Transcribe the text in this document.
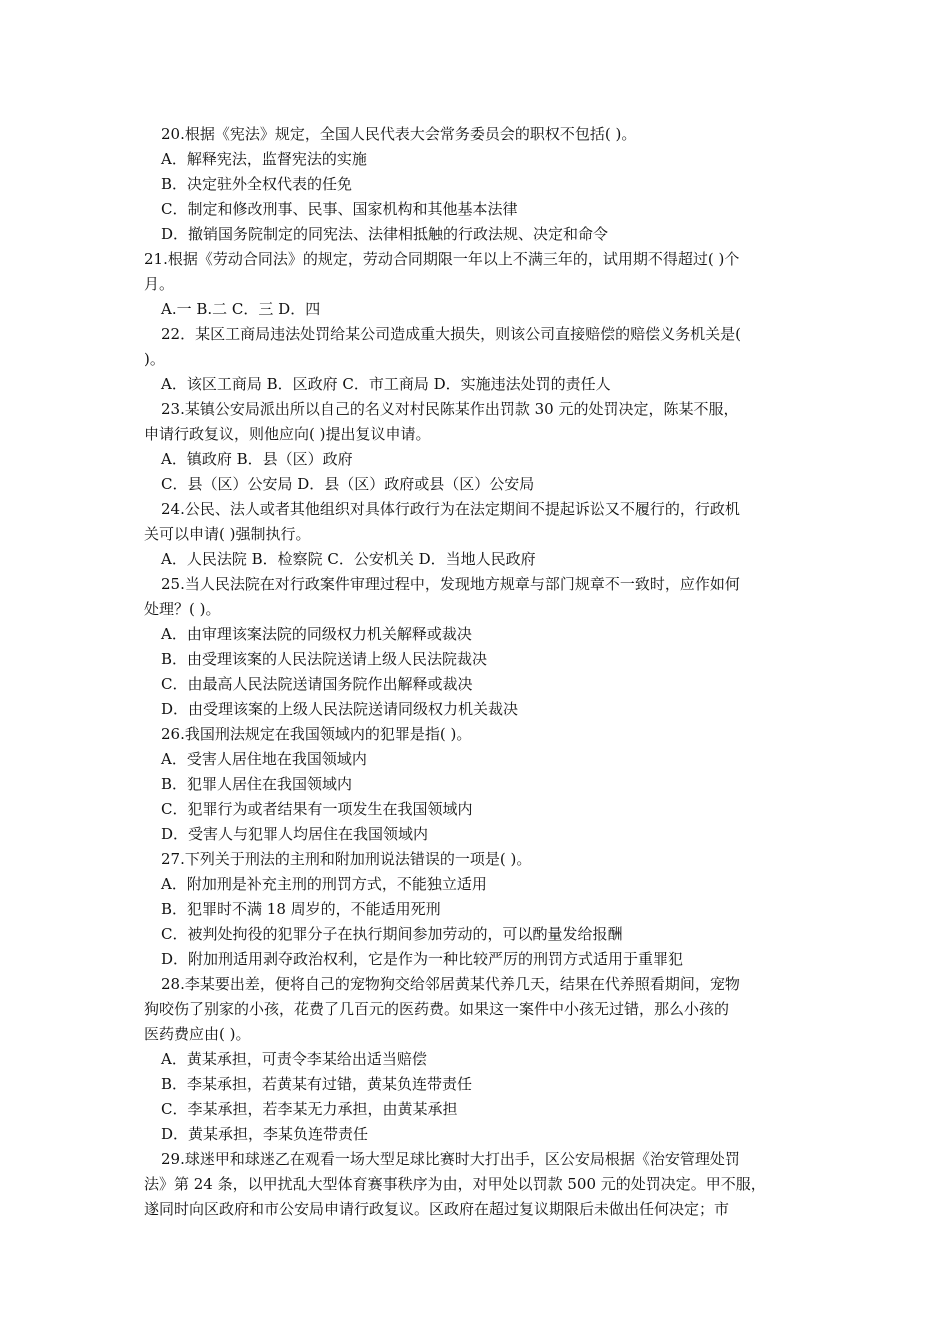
20.根据《宪法》规定，全国人民代表大会常务委员会的职权不包括( )。
A．解释宪法，监督宪法的实施
B．决定驻外全权代表的任免
C．制定和修改刑事、民事、国家机构和其他基本法律
D．撤销国务院制定的同宪法、法律相抵触的行政法规、决定和命令
21.根据《劳动合同法》的规定，劳动合同期限一年以上不满三年的，试用期不得超过( )个
月。
A.一 B.二 C．三 D．四
22．某区工商局违法处罚给某公司造成重大损失，则该公司直接赔偿的赔偿义务机关是(
)。
A．该区工商局 B．区政府 C．市工商局 D．实施违法处罚的责任人
23.某镇公安局派出所以自己的名义对村民陈某作出罚款 30 元的处罚决定，陈某不服，
申请行政复议，则他应向( )提出复议申请。
A．镇政府 B．县（区）政府
C．县（区）公安局 D．县（区）政府或县（区）公安局
24.公民、法人或者其他组织对具体行政行为在法定期间不提起诉讼又不履行的，行政机
关可以申请( )强制执行。
A．人民法院 B．检察院 C．公安机关 D．当地人民政府
25.当人民法院在对行政案件审理过程中，发现地方规章与部门规章不一致时，应作如何
处理？( )。
A．由审理该案法院的同级权力机关解释或裁决
B．由受理该案的人民法院送请上级人民法院裁决
C．由最高人民法院送请国务院作出解释或裁决
D．由受理该案的上级人民法院送请同级权力机关裁决
26.我国刑法规定在我国领域内的犯罪是指( )。
A．受害人居住地在我国领域内
B．犯罪人居住在我国领域内
C．犯罪行为或者结果有一项发生在我国领域内
D．受害人与犯罪人均居住在我国领域内
27.下列关于刑法的主刑和附加刑说法错误的一项是( )。
A．附加刑是补充主刑的刑罚方式，不能独立适用
B．犯罪时不满 18 周岁的，不能适用死刑
C．被判处拘役的犯罪分子在执行期间参加劳动的，可以酌量发给报酬
D．附加刑适用剥夺政治权利，它是作为一种比较严厉的刑罚方式适用于重罪犯
28.李某要出差，便将自己的宠物狗交给邻居黄某代养几天，结果在代养照看期间，宠物
狗咬伤了别家的小孩，花费了几百元的医药费。如果这一案件中小孩无过错，那么小孩的
医药费应由( )。
A．黄某承担，可责令李某给出适当赔偿
B．李某承担，若黄某有过错，黄某负连带责任
C．李某承担，若李某无力承担，由黄某承担
D．黄某承担，李某负连带责任
29.球迷甲和球迷乙在观看一场大型足球比赛时大打出手，区公安局根据《治安管理处罚
法》第 24 条，以甲扰乱大型体育赛事秩序为由，对甲处以罚款 500 元的处罚决定。甲不服，
遂同时向区政府和市公安局申请行政复议。区政府在超过复议期限后未做出任何决定；市
